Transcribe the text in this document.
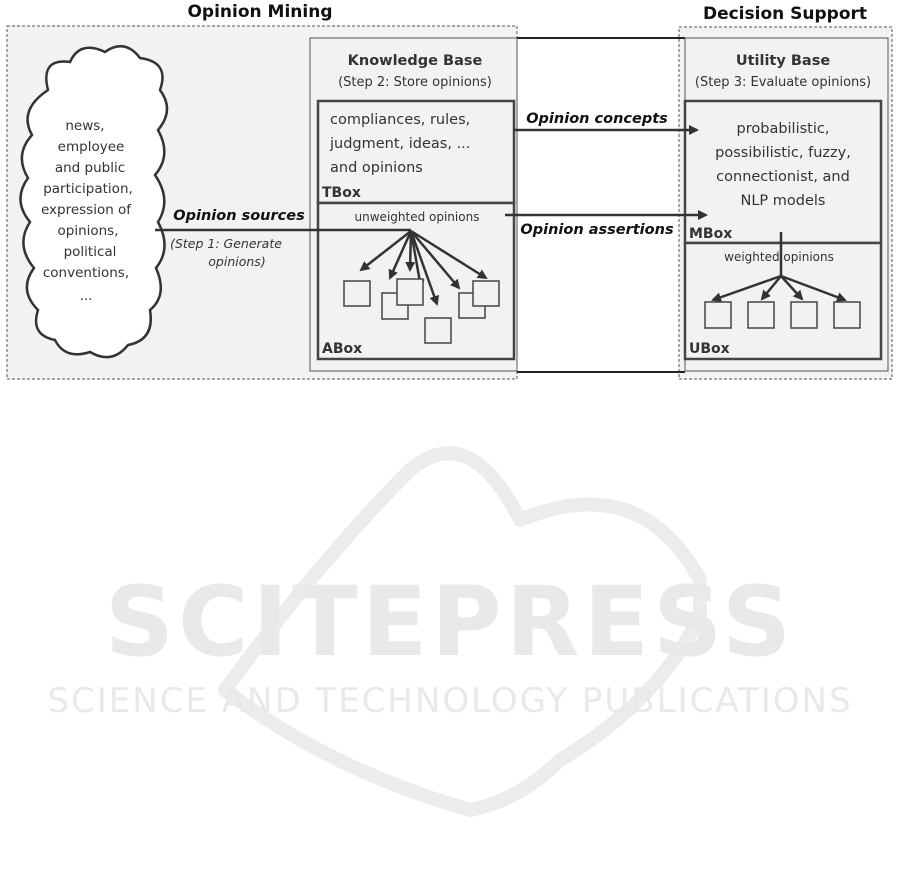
SCITEPRESS
SCIENCE AND TECHNOLOGY PUBLICATIONS
Opinion Mining	Decision Support
Knowledge Base
(Step 2: Store opinions)
compliances, rules,
judgment, ideas, ...
and opinions
TBox
unweighted opinions
ABox
Utility Base
(Step 3: Evaluate opinions)
probabilistic,
possibilistic, fuzzy,
connectionist, and
NLP models
MBox
weighted opinions
UBox
news,
employee
and public
participation,
expression of
opinions,
political
conventions,
...
Opinion sources
(Step 1: Generate
opinions)
Opinion concepts
Opinion assertions
